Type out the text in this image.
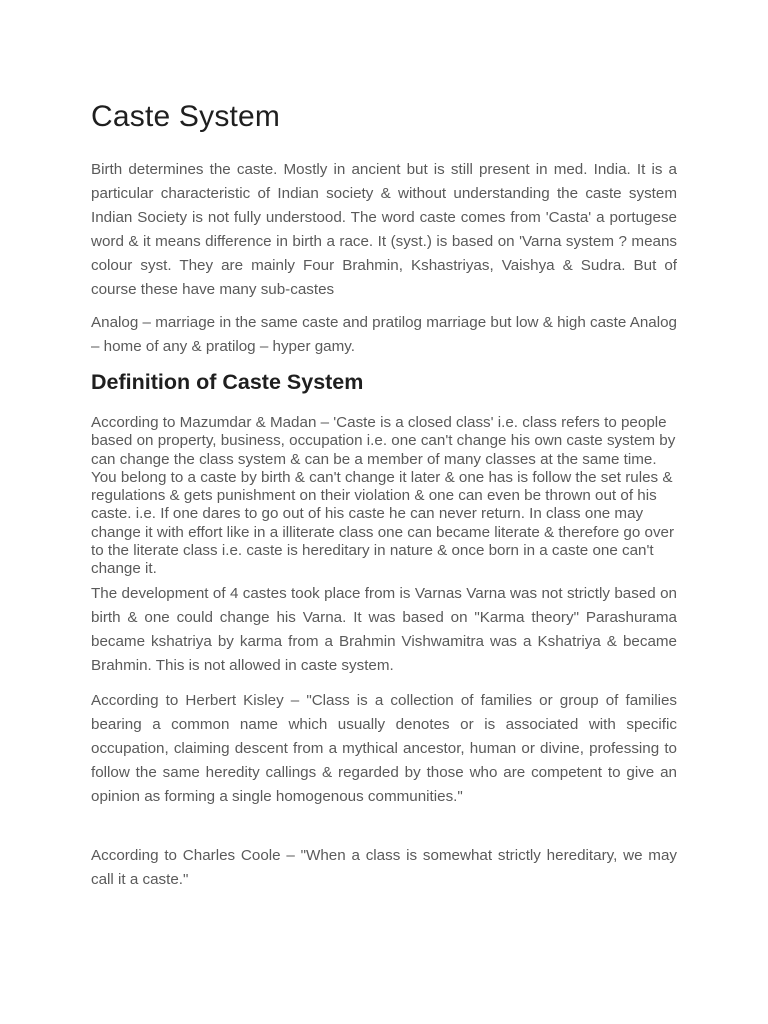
Caste System

Birth determines the caste. Mostly in ancient but is still present in med. India. It is a particular characteristic of Indian society & without understanding the caste system Indian Society is not fully understood. The word caste comes from 'Casta' a portugese word & it means difference in birth a race. It (syst.) is based on 'Varna system ? means colour syst. They are mainly Four Brahmin, Kshastriyas, Vaishya & Sudra. But of course these have many sub-castes

Analog – marriage in the same caste and pratilog marriage but low & high caste Analog – home of any & pratilog – hyper gamy.

Definition of Caste System

According to Mazumdar & Madan – 'Caste is a closed class' i.e. class refers to people based on property, business, occupation i.e. one can't change his own caste system by can change the class system & can be a member of many classes at the same time. You belong to a caste by birth & can't change it later & one has is follow the set rules & regulations & gets punishment on their violation & one can even be thrown out of his caste. i.e. If one dares to go out of his caste he can never return. In class one may change it with effort like in a illiterate class one can became literate & therefore go over to the literate class i.e. caste is hereditary in nature & once born in a caste one can't change it.

The development of 4 castes took place from is Varnas Varna was not strictly based on birth & one could change his Varna. It was based on "Karma theory" Parashurama became kshatriya by karma from a Brahmin Vishwamitra was a Kshatriya & became Brahmin. This is not allowed in caste system.

According to Herbert Kisley – "Class is a collection of families or group of families bearing a common name which usually denotes or is associated with specific occupation, claiming descent from a mythical ancestor, human or divine, professing to follow the same heredity callings & regarded by those who are competent to give an opinion as forming a single homogenous communities."

According to Charles Coole – "When a class is somewhat strictly hereditary, we may call it a caste."
